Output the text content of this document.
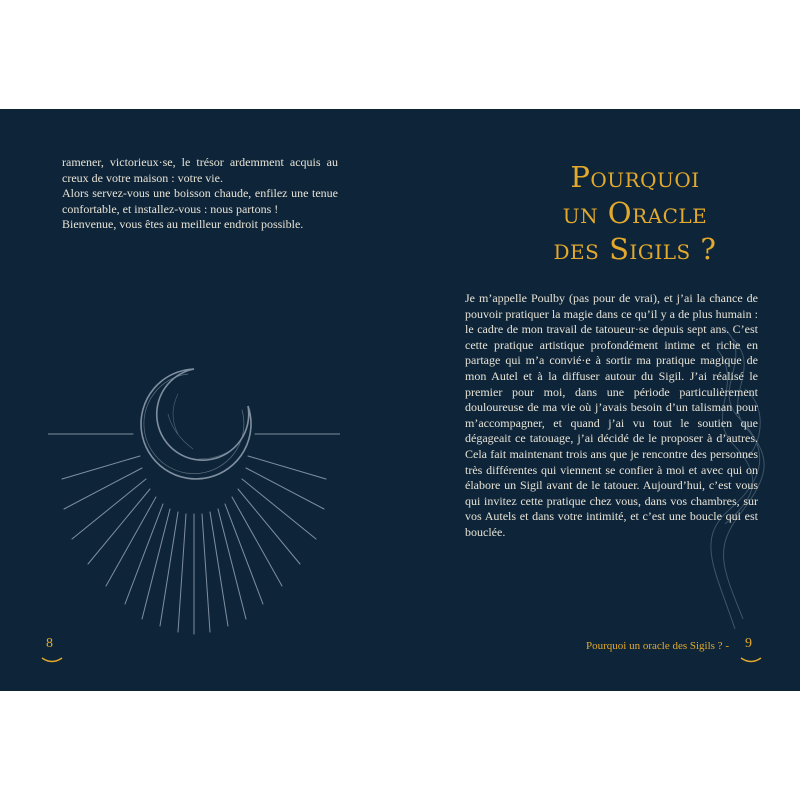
ramener, victorieux·se, le trésor ardemment acquis au creux de votre maison : votre vie.

Alors servez-vous une boisson chaude, enfilez une tenue confortable, et installez-vous : nous partons !

Bienvenue, vous êtes au meilleur endroit possible.

8
Pourquoi
un Oracle
des Sigils ?
Je m’appelle Poulby (pas pour de vrai), et j’ai la chance de pouvoir pratiquer la magie dans ce qu’il y a de plus humain : le cadre de mon travail de tatoueur·se depuis sept ans. C’est cette pratique artistique profondément intime et riche en partage qui m’a convié·e à sortir ma pratique magique de mon Autel et à la diffuser autour du Sigil. J’ai réalisé le premier pour moi, dans une période particulièrement douloureuse de ma vie où j’avais besoin d’un talisman pour m’accompagner, et quand j’ai vu tout le soutien que dégageait ce tatouage, j’ai décidé de le proposer à d’autres. Cela fait maintenant trois ans que je rencontre des personnes très différentes qui viennent se confier à moi et avec qui on élabore un Sigil avant de le tatouer. Aujourd’hui, c’est vous qui invitez cette pratique chez vous, dans vos chambres, sur vos Autels et dans votre intimité, et c’est une boucle qui est bouclée.
Pourquoi un oracle des Sigils ? - 9
